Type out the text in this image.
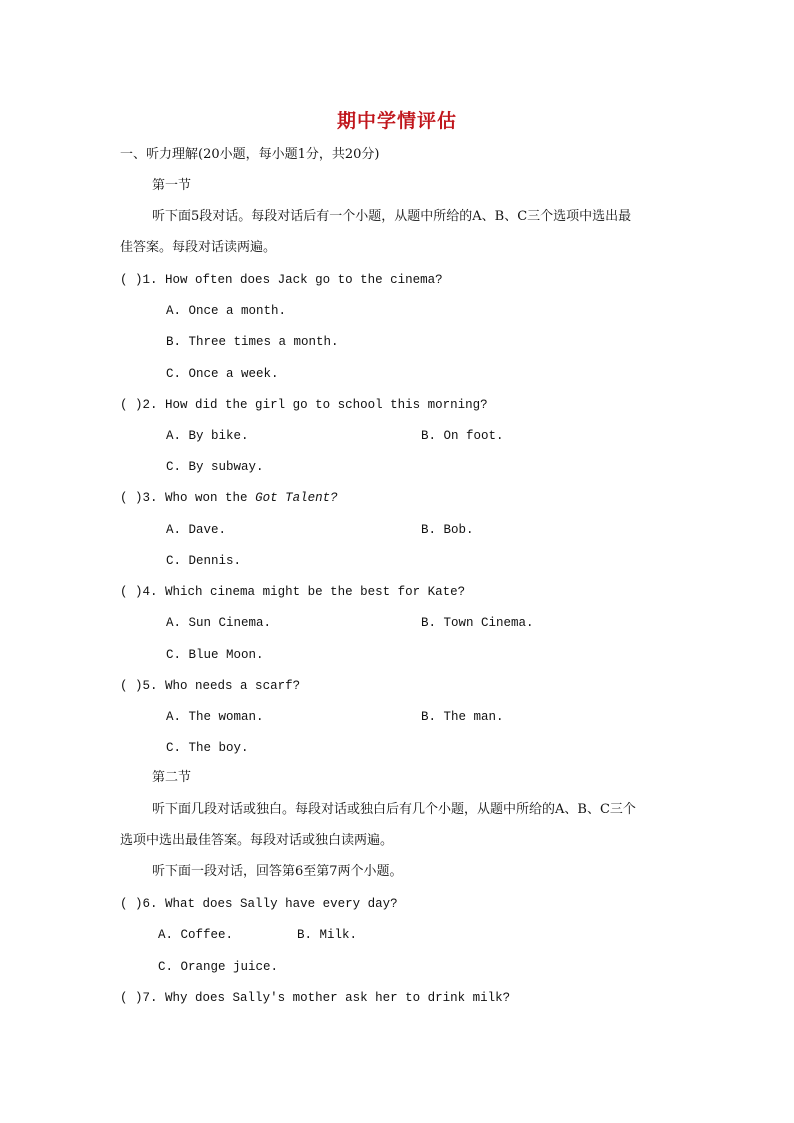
期中学情评估
一、听力理解(20小题，每小题1分，共20分)
第一节
听下面5段对话。每段对话后有一个小题，从题中所给的A、B、C三个选项中选出最
佳答案。每段对话读两遍。
( )1. How often does Jack go to the cinema?
A. Once a month.
B. Three times a month.
C. Once a week.
( )2. How did the girl go to school this morning?
A. By bike.	B. On foot.
C. By subway.
( )3. Who won the Got Talent?
A. Dave.	B. Bob.
C. Dennis.
( )4. Which cinema might be the best for Kate?
A. Sun Cinema.	B. Town Cinema.
C. Blue Moon.
( )5. Who needs a scarf?
A. The woman.	B. The man.
C. The boy.
第二节
听下面几段对话或独白。每段对话或独白后有几个小题，从题中所给的A、B、C三个
选项中选出最佳答案。每段对话或独白读两遍。
听下面一段对话，回答第6至第7两个小题。
( )6. What does Sally have every day?
A. Coffee.	B. Milk.
C. Orange juice.
( )7. Why does Sally's mother ask her to drink milk?
